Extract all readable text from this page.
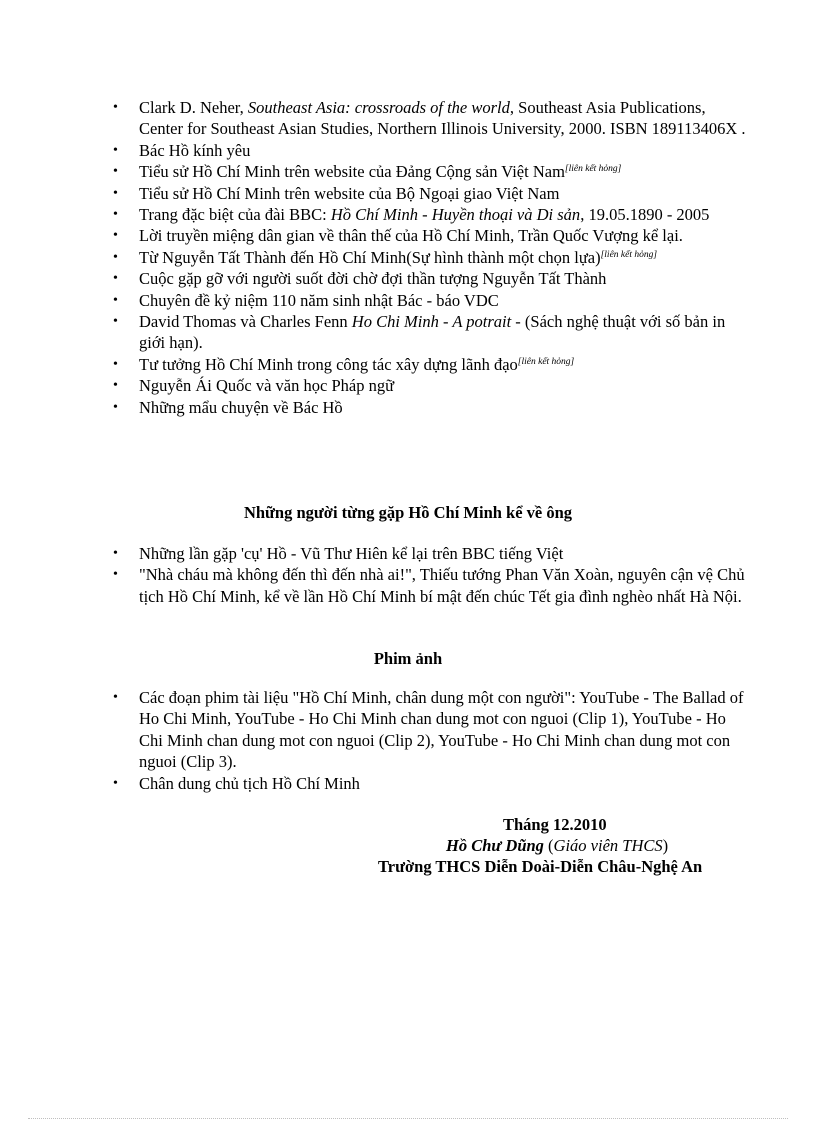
• Clark D. Neher, Southeast Asia: crossroads of the world, Southeast Asia Publications, Center for Southeast Asian Studies, Northern Illinois University, 2000. ISBN 189113406X .
• Bác Hồ kính yêu
• Tiểu sử Hồ Chí Minh trên website của Đảng Cộng sản Việt Nam[liên kết hỏng]
• Tiểu sử Hồ Chí Minh trên website của Bộ Ngoại giao Việt Nam
• Trang đặc biệt của đài BBC: Hồ Chí Minh - Huyền thoại và Di sản, 19.05.1890 - 2005
• Lời truyền miệng dân gian về thân thế của Hồ Chí Minh, Trần Quốc Vượng kể lại.
• Từ Nguyễn Tất Thành đến Hồ Chí Minh(Sự hình thành một chọn lựa)[liên kết hỏng]
• Cuộc gặp gỡ với người suốt đời chờ đợi thần tượng Nguyễn Tất Thành
• Chuyên đề kỷ niệm 110 năm sinh nhật Bác - báo VDC
• David Thomas và Charles Fenn Ho Chi Minh - A potrait - (Sách nghệ thuật với số bản in giới hạn).
• Tư tưởng Hồ Chí Minh trong công tác xây dựng lãnh đạo[liên kết hỏng]
• Nguyễn Ái Quốc và văn học Pháp ngữ
• Những mẩu chuyện về Bác Hồ
Những người từng gặp Hồ Chí Minh kể về ông
• Những lần gặp 'cụ' Hồ - Vũ Thư Hiên kể lại trên BBC tiếng Việt
• "Nhà cháu mà không đến thì đến nhà ai!", Thiếu tướng Phan Văn Xoàn, nguyên cận vệ Chủ tịch Hồ Chí Minh, kể về lần Hồ Chí Minh bí mật đến chúc Tết gia đình nghèo nhất Hà Nội.
Phim ảnh
• Các đoạn phim tài liệu "Hồ Chí Minh, chân dung một con người": YouTube - The Ballad of Ho Chi Minh, YouTube - Ho Chi Minh chan dung mot con nguoi (Clip 1), YouTube - Ho Chi Minh chan dung mot con nguoi (Clip 2), YouTube - Ho Chi Minh chan dung mot con nguoi (Clip 3).
• Chân dung chủ tịch Hồ Chí Minh
Tháng 12.2010
Hồ Chư Dũng (Giáo viên THCS)
Trường THCS Diễn Doài-Diễn Châu-Nghệ An
